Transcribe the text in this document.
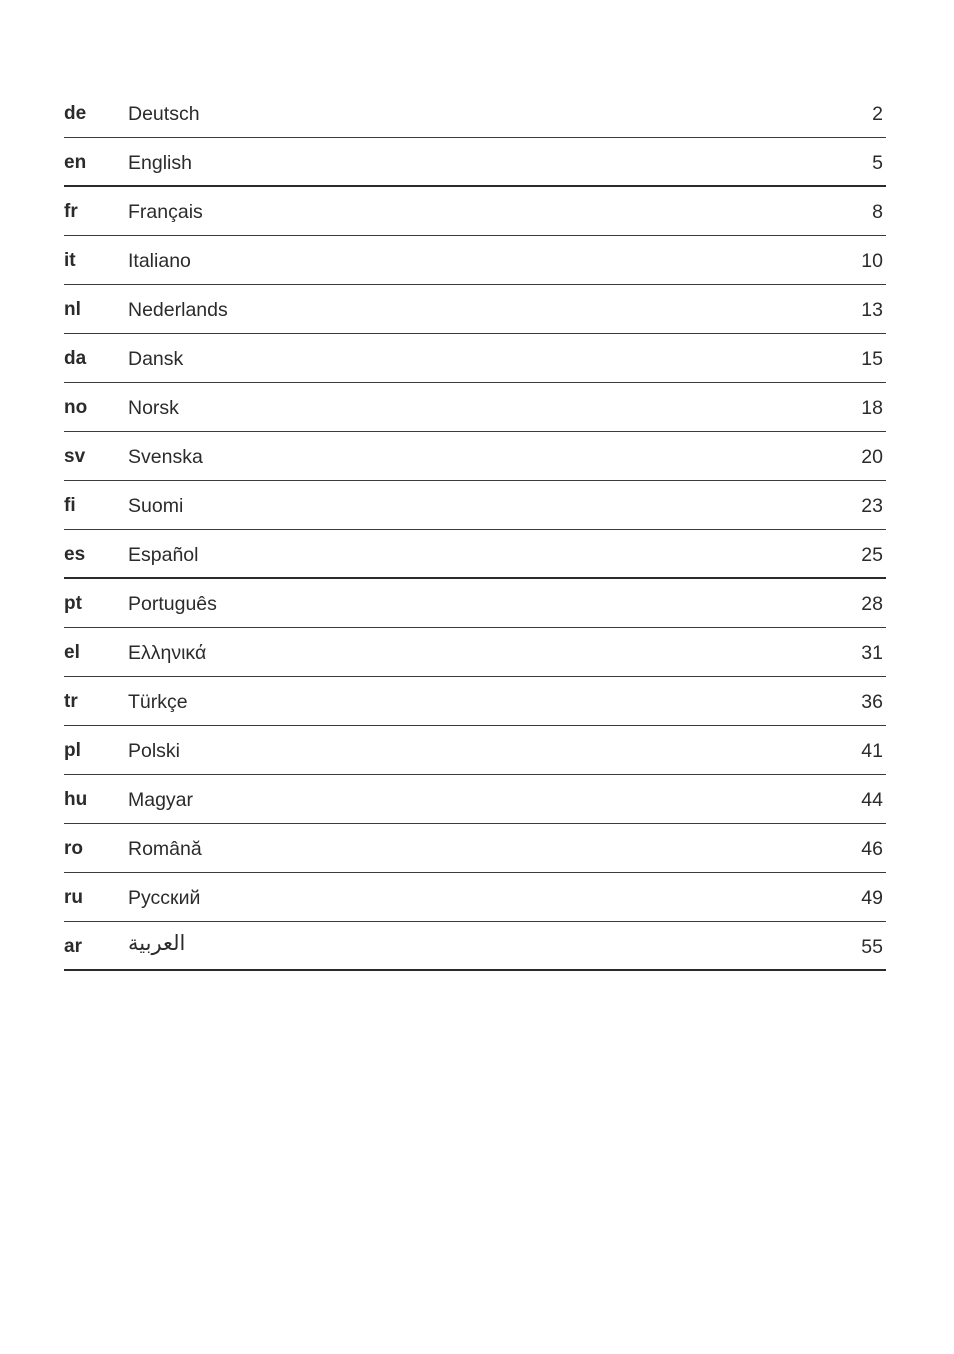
de Deutsch	2
en English	5
fr	Français	8
it	Italiano	10
nl Nederlands	13
da Dansk	15
no Norsk	18
sv Svenska	20
fi	Suomi	23
es Español	25
pt Português	28
el Ελληνικά	31
tr	Türkçe	36
pl Polski	41
hu Magyar	44
ro Română	46
ru Русский	49
ar العربية	55
